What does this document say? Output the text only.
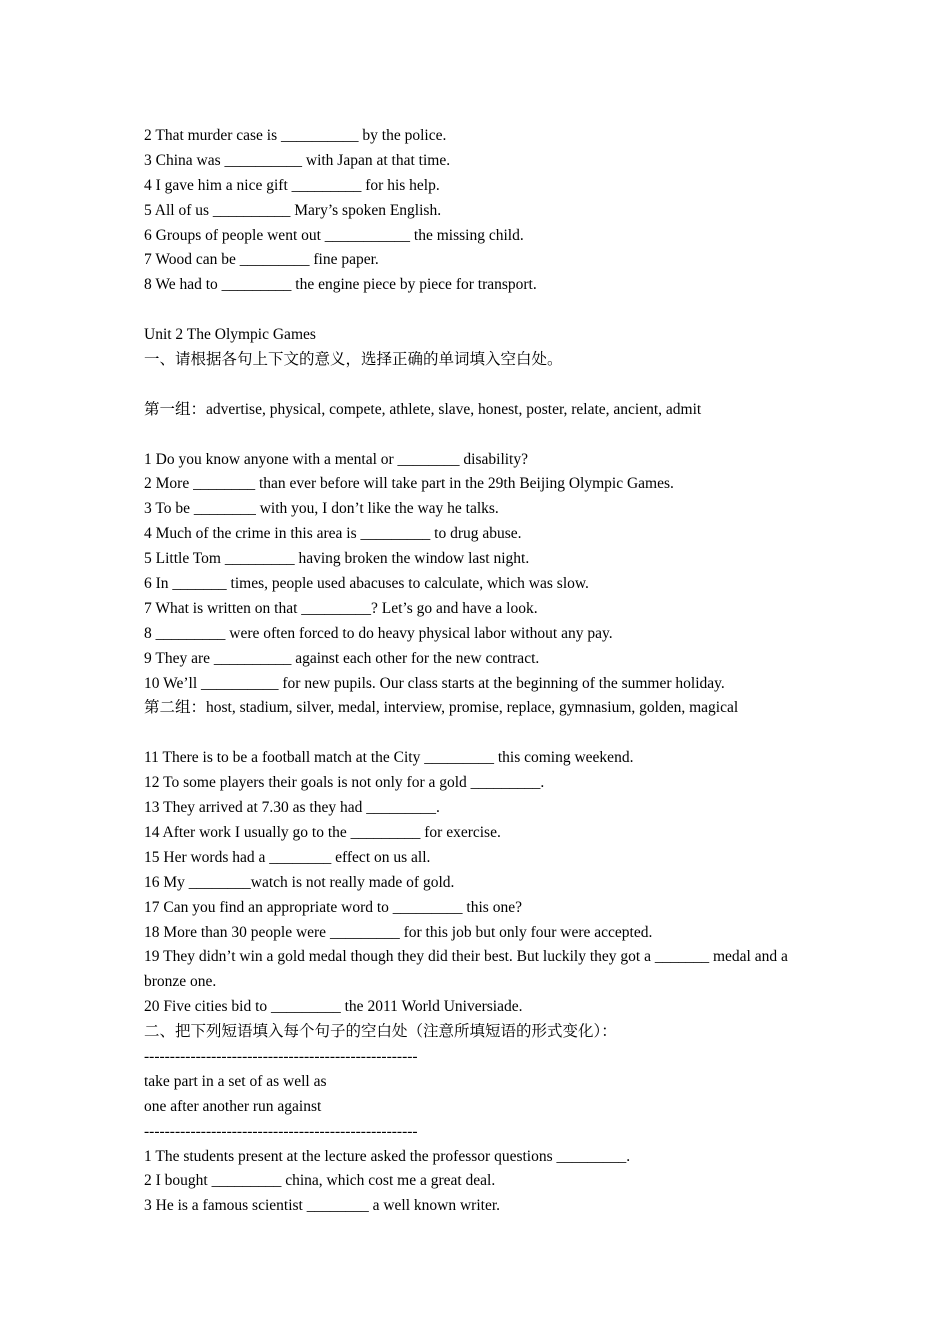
2 That murder case is __________ by the police.
3 China was __________ with Japan at that time.
4 I gave him a nice gift _________ for his help.
5 All of us __________ Mary’s spoken English.
6 Groups of people went out ___________ the missing child.
7 Wood can be _________ fine paper.
8 We had to _________ the engine piece by piece for transport.
Unit 2 The Olympic Games
一、请根据各句上下文的意义，选择正确的单词填入空白处。
第一组：advertise, physical, compete, athlete, slave, honest, poster, relate, ancient, admit
1 Do you know anyone with a mental or ________ disability?
2 More ________ than ever before will take part in the 29th Beijing Olympic Games.
3 To be ________ with you, I don’t like the way he talks.
4 Much of the crime in this area is _________ to drug abuse.
5 Little Tom _________ having broken the window last night.
6 In _______ times, people used abacuses to calculate, which was slow.
7 What is written on that _________? Let’s go and have a look.
8 _________ were often forced to do heavy physical labor without any pay.
9 They are __________ against each other for the new contract.
10 We’ll __________ for new pupils. Our class starts at the beginning of the summer holiday.
第二组：host, stadium, silver, medal, interview, promise, replace, gymnasium, golden, magical
11 There is to be a football match at the City _________ this coming weekend.
12 To some players their goals is not only for a gold _________.
13 They arrived at 7.30 as they had _________.
14 After work I usually go to the _________ for exercise.
15 Her words had a ________ effect on us all.
16 My ________watch is not really made of gold.
17 Can you find an appropriate word to _________ this one?
18 More than 30 people were _________ for this job but only four were accepted.
19 They didn’t win a gold medal though they did their best. But luckily they got a _______ medal and a bronze one.
20 Five cities bid to _________ the 2011 World Universiade.
二、把下列短语填入每个句子的空白处（注意所填短语的形式变化）：
-----------------------------------------------------
take part in a set of as well as
one after another run against
-----------------------------------------------------
1 The students present at the lecture asked the professor questions _________.
2 I bought _________ china, which cost me a great deal.
3 He is a famous scientist ________ a well known writer.
